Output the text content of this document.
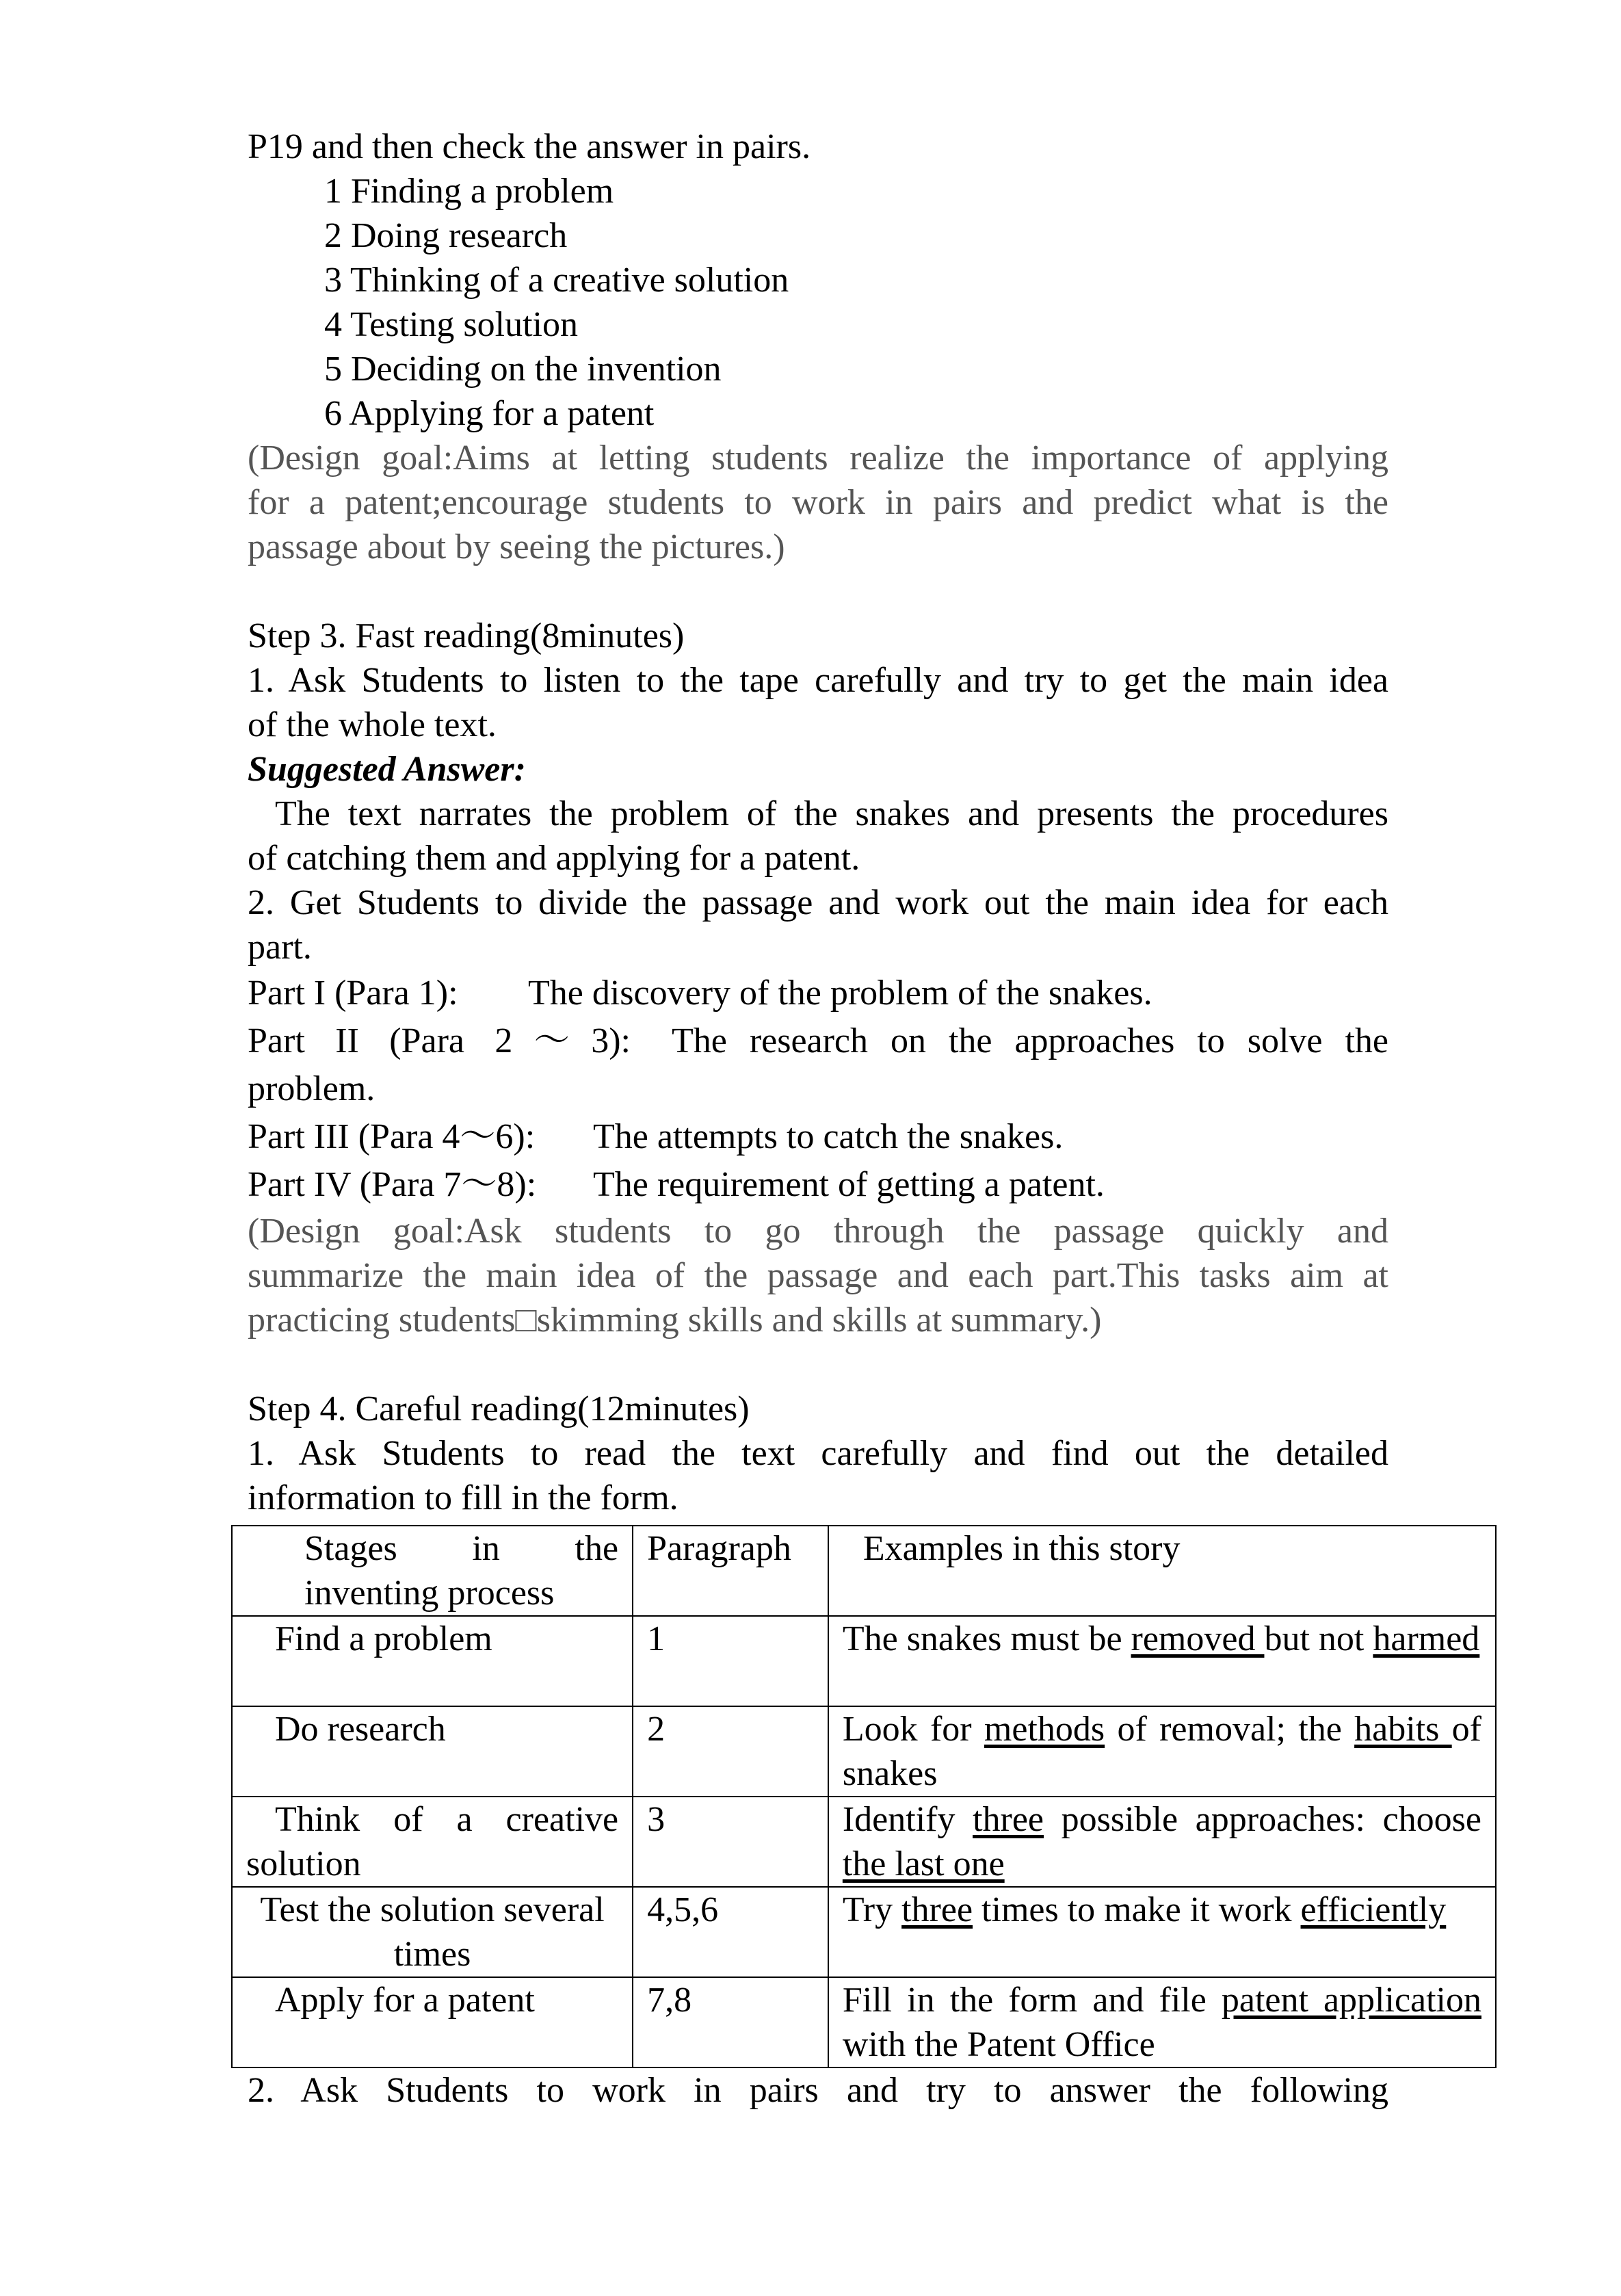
P19 and then check the answer in pairs.
1 Finding a problem
2 Doing research
3 Thinking of a creative solution
4 Testing solution
5 Deciding on the invention
6 Applying for a patent
(Design goal:Aims at letting students realize the importance of applying
for a patent;encourage students to work in pairs and predict what is the
passage about by seeing the pictures.)
Step 3. Fast reading(8minutes)
1. Ask Students to listen to the tape carefully and try to get the main idea
of the whole text.
Suggested Answer:
The text narrates the problem of the snakes and presents the procedures
of catching them and applying for a patent.
2. Get Students to divide the passage and work out the main idea for each
part.
Part I (Para 1):	The discovery of the problem of the snakes.
Part II (Para 2～3): The research on the approaches to solve the
problem.
Part III (Para 4～6):	The attempts to catch the snakes.
Part IV (Para 7～8):	The requirement of getting a patent.
(Design goal:Ask students to go through the passage quickly and
summarize the main idea of the passage and each part.This tasks aim at
practicing students□skimming skills and skills at summary.)
Step 4. Careful reading(12minutes)
1. Ask Students to read the text carefully and find out the detailed
information to fill in the form.
Stages in the inventing process	Paragraph	Examples in this story
Find a problem	1	The snakes must be removed but not harmed
Do research	2	Look for methods of removal; the habits of snakes
Think of a creative solution	3	Identify three possible approaches: choose the last one
Test the solution several times	4,5,6	Try three times to make it work efficiently
Apply for a patent	7,8	Fill in the form and file patent application with the Patent Office
2. Ask Students to work in pairs and try to answer the following
